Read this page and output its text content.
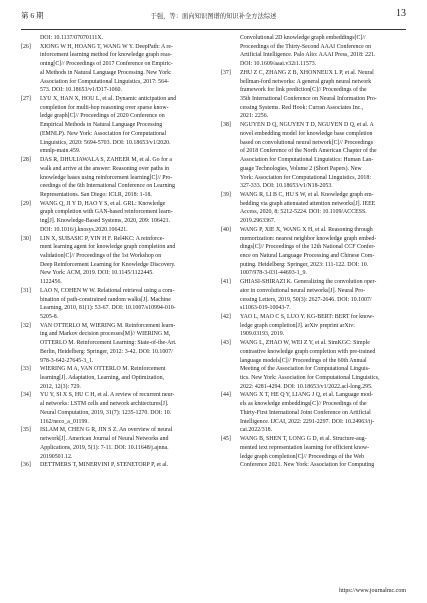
第 6 期	于强，等：面向知识图谱的知识补全方法综述	13
DOI: 10.1137/07070111X.
[26]	XIONG W H, HOANG T, WANG W Y. DeepPath: A re-
inforcement learning method for knowledge graph reas-
oning[C]// Proceedings of 2017 Conference on Empiric-
al Methods in Natural Language Processing. New York:
Association for Computational Linguistics, 2017: 564-
573. DOI: 10.18653/v1/D17-1060.
[27]	LYU X, HAN X, HOU L, et al. Dynamic anticipation and
completion for multi-hop reasoning over sparse know-
ledge graph[C]// Proceedings of 2020 Conference on
Empirical Methods in Natural Language Processing
(EMNLP). New York: Association for Computational
Linguistics, 2020: 5694-5703. DOI: 10.18653/v1/2020.
emnlp-main.459.
[28]	DAS R, DHULIAWALA S, ZAHEER M, et al. Go for a
walk and arrive at the answer: Reasoning over paths in
knowledge bases using reinforcement learning[C]// Pro-
ceedings of the 6th International Conference on Learning
Representations. San Diego: ICLR, 2018: 1-18.
[29]	WANG Q, JI Y D, HAO Y S, et al. GRL: Knowledge
graph completion with GAN-based reinforcement learn-
ing[J]. Knowledge-Based Systems, 2020, 209: 106421.
DOI: 10.1016/j.knosys.2020.106421.
[30]	LIN X, SUBASIC P, YIN H F. Rel4KC: A reinforce-
ment learning agent for knowledge graph completion and
validation[C]// Proceedings of the 1st Workshop on
Deep Reinforcement Learning for Knowledge Discovery.
New York: ACM, 2019. DOI: 10.1145/1122445.
1122456.
[31]	LAO N, COHEN W W. Relational retrieval using a com-
bination of path-constrained random walks[J]. Machine
Learning, 2010, 81(1): 53-67. DOI: 10.1007/s10994-010-
5205-8.
[32]	VAN OTTERLO M, WIERING M. Reinforcement learn-
ing and Markov decision processes[M]// WIERING M,
OTTERLO M. Reinforcement Learning: State-of-the-Art.
Berlin, Heidelberg: Springer, 2012: 3-42. DOI: 10.1007/
978-3-642-27645-3_1.
[33]	WIERING M A, VAN OTTERLO M. Reinforcement
learning[J]. Adaptation, Learning, and Optimization,
2012, 12(3): 729.
[34]	YU Y, SI X S, HU C H, et al. A review of recurrent neur-
al networks: LSTM cells and network architectures[J].
Neural Computation, 2019, 31(7): 1235-1270. DOI: 10.
1162/neco_a_01199.
[35]	ISLAM M, CHEN G R, JIN S Z. An overview of neural
network[J]. American Journal of Neural Networks and
Applications, 2019, 5(1): 7-11. DOI: 10.11648/j.ajnna.
20190501.12.
[36]	DETTMERS T, MINERVINI P, STENETORP P, et al.
Convolutional 2D knowledge graph embeddings[C]//
Proceedings of the Thirty-Second AAAI Conference on
Artificial Intelligence. Palo Alto: AAAI Press, 2018: 221.
DOI: 10.1609/aaai.v32i1.11573.
[37]	ZHU Z C, ZHANG Z B, XHONNEUX L P, et al. Neural
bellman-ford networks: A general graph neural network
framework for link prediction[C]// Proceedings of the
35th International Conference on Neural Information Pro-
cessing Systems. Red Hook: Curran Associates Inc.,
2021: 2256.
[38]	NGUYEN D Q, NGUYEN T D, NGUYEN D Q, et al. A
novel embedding model for knowledge base completion
based on convolutional neural network[C]// Proceedings
of 2018 Conference of the North American Chapter of the
Association for Computational Linguistics: Human Lan-
guage Technologies, Volume 2 (Short Papers). New
York: Association for Computational Linguistics, 2018:
327-333. DOI: 10.18653/v1/N18-2053.
[39]	WANG R, LI B C, HU S W, et al. Knowledge graph em-
bedding via graph attenuated attention networks[J]. IEEE
Access, 2020, 8: 5212-5224. DOI: 10.1109/ACCESS.
2019.2963367.
[40]	WANG P, XIE X, WANG X H, et al. Reasoning through
memorization: nearest neighbor knowledge graph embed-
dings[C]// Proceedings of the 12th National CCF Confer-
ence on Natural Language Processing and Chinese Com-
puting. Heidelberg: Springer, 2023: 111-122. DOI: 10.
1007/978-3-031-44693-1_9.
[41]	GHIASI-SHIRAZI K. Generalizing the convolution oper-
ator in convolutional neural networks[J]. Neural Pro-
cessing Letters, 2019, 50(3): 2627-2646. DOI: 10.1007/
s11063-019-10043-7.
[42]	YAO L, MAO C S, LUO Y. KG-BERT: BERT for know-
ledge graph completion[J]. arXiv preprint arXiv:
1909.03193, 2019.
[43]	WANG L, ZHAO W, WEI Z Y, et al. SimKGC: Simple
contrastive knowledge graph completion with pre-trained
language models[C]// Proceedings of the 60th Annual
Meeting of the Association for Computational Linguis-
tics. New York: Association for Computational Linguistics,
2022: 4281-4294. DOI: 10.18653/v1/2022.acl-long.295.
[44]	WANG X T, HE Q Y, LIANG J Q, et al. Language mod-
els as knowledge embeddings[C]// Proceedings of the
Thirty-First International Joint Conference on Artificial
Intelligence. IJCAI, 2022: 2291-2297. DOI: 10.24963/ij-
cai.2022/318.
[45]	WANG B, SHEN T, LONG G D, et al. Structure-aug-
mented text representation learning for efficient know-
ledge graph completion[C]// Proceedings of the Web
Conference 2021. New York: Association for Computing
https://www.journalmc.com
